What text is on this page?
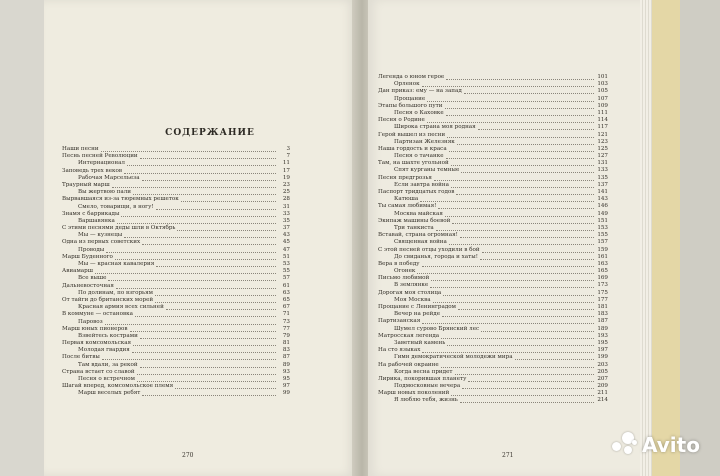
СОДЕРЖАНИЕ
Наши песни	3
Песнь песней Революции	7
Интернационал	11
Заповедь трех веков	17
Рабочая Марсельеза	19
Траурный марш	23
Вы жертвою пали	25
Вырвавшаяся из-за тюремных решеток	28
Смело, товарищи, в ногу!	31
Знамя с баррикады	33
Варшавянка	35
С этими песнями деды шли в Октябрь	37
Мы — кузнецы	43
Одна из первых советских	45
Проводы	47
Марш Буденного	51
Мы — красная кавалерия	53
Авиамарш	55
Все выше	57
Дальневосточная	61
По долинам, по взгорьям	63
От тайги до британских морей	65
Красная армия всех сильней	67
В коммуне — остановка	71
Паровоз	73
Марш юных пионеров	77
Взвейтесь кострами	79
Первая комсомольская	81
Молодая гвардия	83
После битвы	87
Там вдали, за рекой	89
Страна встает со славой	93
Песня о встречном	95
Шагай вперед, комсомольское племя	97
Марш веселых ребят	99
Легенда о юном герое	101
Орленок	103
Дан приказ: ему — на запад	105
Прощание	107
Этапы большого пути	109
Песня о Каховке	111
Песня о Родине	114
Широка страна моя родная	117
Герой вышел из песни	121
Партизан Железняк	123
Наша гордость и краса	125
Песня о тачанке	127
Там, на шахте угольной	131
Спят курганы темные	133
Песня предгрозья	135
Если завтра война	137
Паспорт тридцатых годов	141
Катюша	143
Ты самая любимая!	146
Москва майская	149
Экипаж машины боевой	151
Три танкиста	153
Вставай, страна огромная!	155
Священная война	157
С этой песней отцы уходили в бой	159
До свиданья, города и хаты!	161
Вера в победу	163
Огонек	165
Письмо любимой	169
В землянке	173
Дорогая моя столица	175
Моя Москва	177
Прощание с Ленинградом	181
Вечер на рейде	183
Партизанская	187
Шумел сурово Брянский лес	189
Матросская легенда	193
Заветный камень	195
На сто языках	197
Гимн демократической молодежи мира	199
На рабочей окраине	203
Когда весна придет	205
Лирика, покорившая планету	207
Подмосковные вечера	209
Марш новых поколений	211
Я люблю тебя, жизнь	214
270	271	Avito
